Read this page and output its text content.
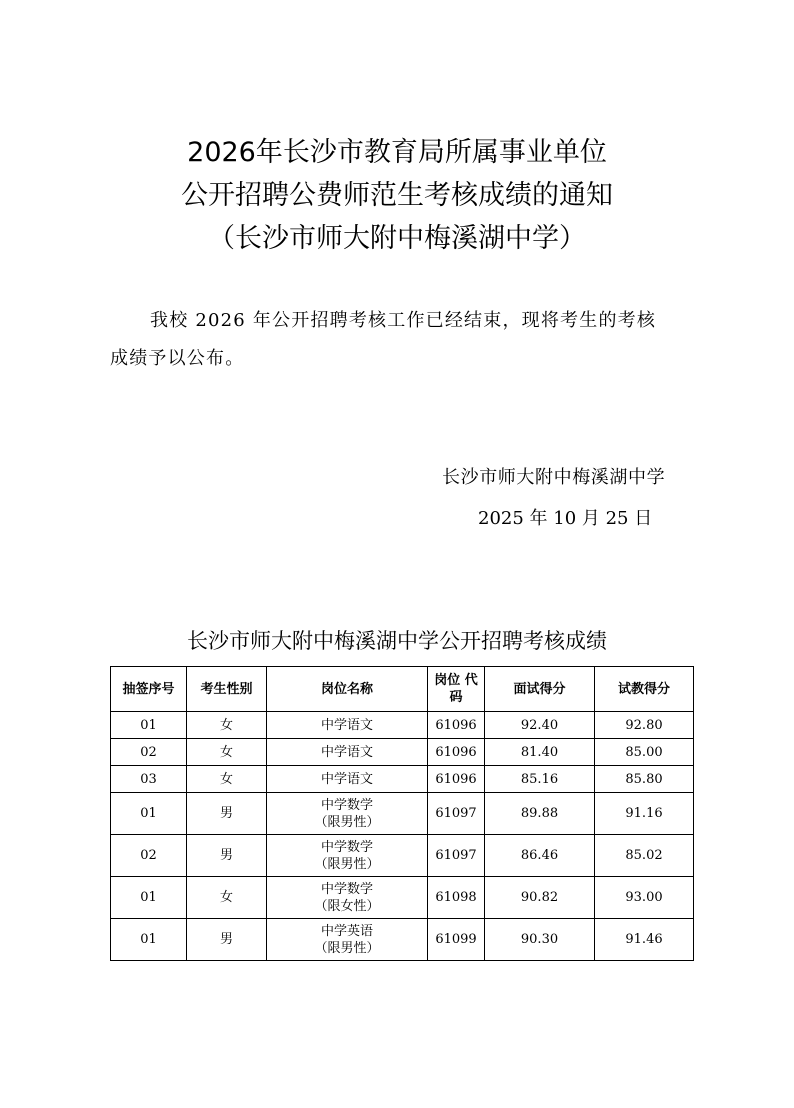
2026年长沙市教育局所属事业单位
公开招聘公费师范生考核成绩的通知
（长沙市师大附中梅溪湖中学）
我校 2026 年公开招聘考核工作已经结束，现将考生的考核
成绩予以公布。
长沙市师大附中梅溪湖中学
2025 年 10 月 25 日
长沙市师大附中梅溪湖中学公开招聘考核成绩
抽签序号	考生性别	岗位名称	岗位 代码	面试得分	试教得分
01	女	中学语文	61096	92.40	92.80
02	女	中学语文	61096	81.40	85.00
03	女	中学语文	61096	85.16	85.80
01	男	中学数学
（限男性）	61097	89.88	91.16
02	男	中学数学
（限男性）	61097	86.46	85.02
01	女	中学数学
（限女性）	61098	90.82	93.00
01	男	中学英语
（限男性）	61099	90.30	91.46
